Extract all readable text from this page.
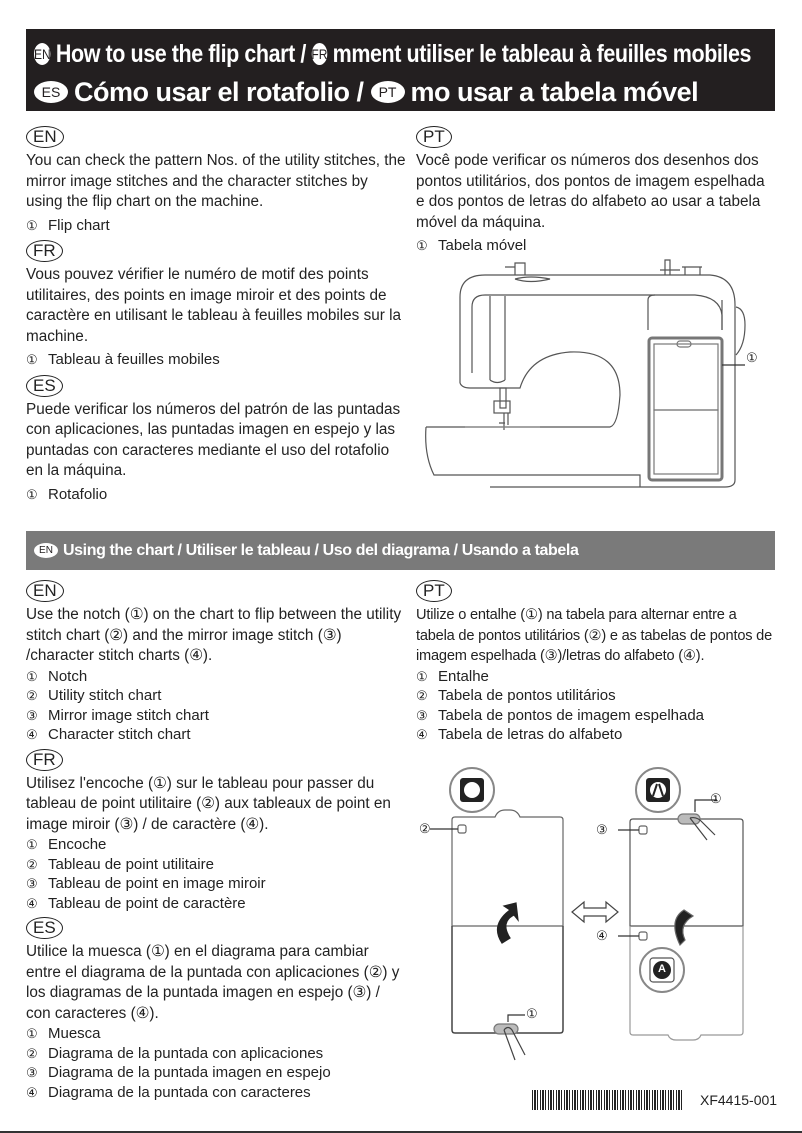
EN How to use the flip chart / FR mment utiliser le tableau à feuilles mobiles
ES Cómo usar el rotafolio / PT mo usar a tabela móvel
EN
You can check the pattern Nos. of the utility stitches, the mirror image stitches and the character stitches by using the flip chart on the machine.
① Flip chart
FR
Vous pouvez vérifier le numéro de motif des points utilitaires, des points en image miroir et des points de caractère en utilisant le tableau à feuilles mobiles sur la machine.
① Tableau à feuilles mobiles
ES
Puede verificar los números del patrón de las puntadas con aplicaciones, las puntadas imagen en espejo y las puntadas con caracteres mediante el uso del rotafolio en la máquina.
① Rotafolio
PT
Você pode verificar os números dos desenhos dos pontos utilitários, dos pontos de imagem espelhada e dos pontos de letras do alfabeto ao usar a tabela móvel da máquina.
① Tabela móvel
①
EN Using the chart / Utiliser le tableau / Uso del diagrama / Usando a tabela
EN
Use the notch (①) on the chart to flip between the utility stitch chart (②) and the mirror image stitch (③) /character stitch charts (④).
① Notch
② Utility stitch chart
③ Mirror image stitch chart
④ Character stitch chart
FR
Utilisez l'encoche (①) sur le tableau pour passer du tableau de point utilitaire (②) aux tableaux de point en image miroir (③) / de caractère (④).
① Encoche
② Tableau de point utilitaire
③ Tableau de point en image miroir
④ Tableau de point de caractère
ES
Utilice la muesca (①) en el diagrama para cambiar entre el diagrama de la puntada con aplicaciones (②) y los diagramas de la puntada imagen en espejo (③) / con caracteres (④).
① Muesca
② Diagrama de la puntada con aplicaciones
③ Diagrama de la puntada imagen en espejo
④ Diagrama de la puntada con caracteres
PT
Utilize o entalhe (①) na tabela para alternar entre a tabela de pontos utilitários (②) e as tabelas de pontos de imagem espelhada (③)/letras do alfabeto (④).
① Entalhe
② Tabela de pontos utilitários
③ Tabela de pontos de imagem espelhada
④ Tabela de letras do alfabeto
②
①
③
①
④
A
XF4415-001
